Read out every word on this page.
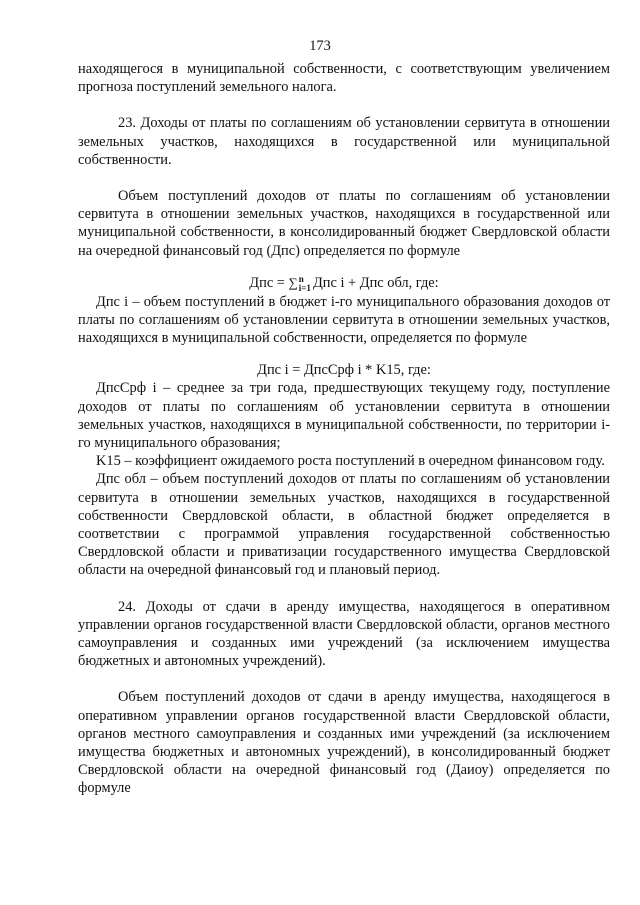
173

находящегося в муниципальной собственности, с соответствующим увеличением прогноза поступлений земельного налога.

23. Доходы от платы по соглашениям об установлении сервитута в отношении земельных участков, находящихся в государственной или муниципальной собственности.

Объем поступлений доходов от платы по соглашениям об установлении сервитута в отношении земельных участков, находящихся в государственной или муниципальной собственности, в консолидированный бюджет Свердловской области на очередной финансовый год (Дпс) определяется по формуле

Дпс = ∑n
i=1 Дпс i + Дпс обл, где:

Дпс i – объем поступлений в бюджет i-го муниципального образования доходов от платы по соглашениям об установлении сервитута в отношении земельных участков, находящихся в муниципальной собственности, определяется по формуле

Дпс i = ДпсСрф i * K15, где:

ДпсСрф i – среднее за три года, предшествующих текущему году, поступление доходов от платы по соглашениям об установлении сервитута в отношении земельных участков, находящихся в муниципальной собственности, по территории i-го муниципального образования;

K15 – коэффициент ожидаемого роста поступлений в очередном финансовом году.

Дпс обл – объем поступлений доходов от платы по соглашениям об установлении сервитута в отношении земельных участков, находящихся в государственной собственности Свердловской области, в областной бюджет определяется в соответствии с программой управления государственной собственностью Свердловской области и приватизации государственного имущества Свердловской области на очередной финансовый год и плановый период.

24. Доходы от сдачи в аренду имущества, находящегося в оперативном управлении органов государственной власти Свердловской области, органов местного самоуправления и созданных ими учреждений (за исключением имущества бюджетных и автономных учреждений).

Объем поступлений доходов от сдачи в аренду имущества, находящегося в оперативном управлении органов государственной власти Свердловской области, органов местного самоуправления и созданных ими учреждений (за исключением имущества бюджетных и автономных учреждений), в консолидированный бюджет Свердловской области на очередной финансовый год (Даиоу) определяется по формуле
